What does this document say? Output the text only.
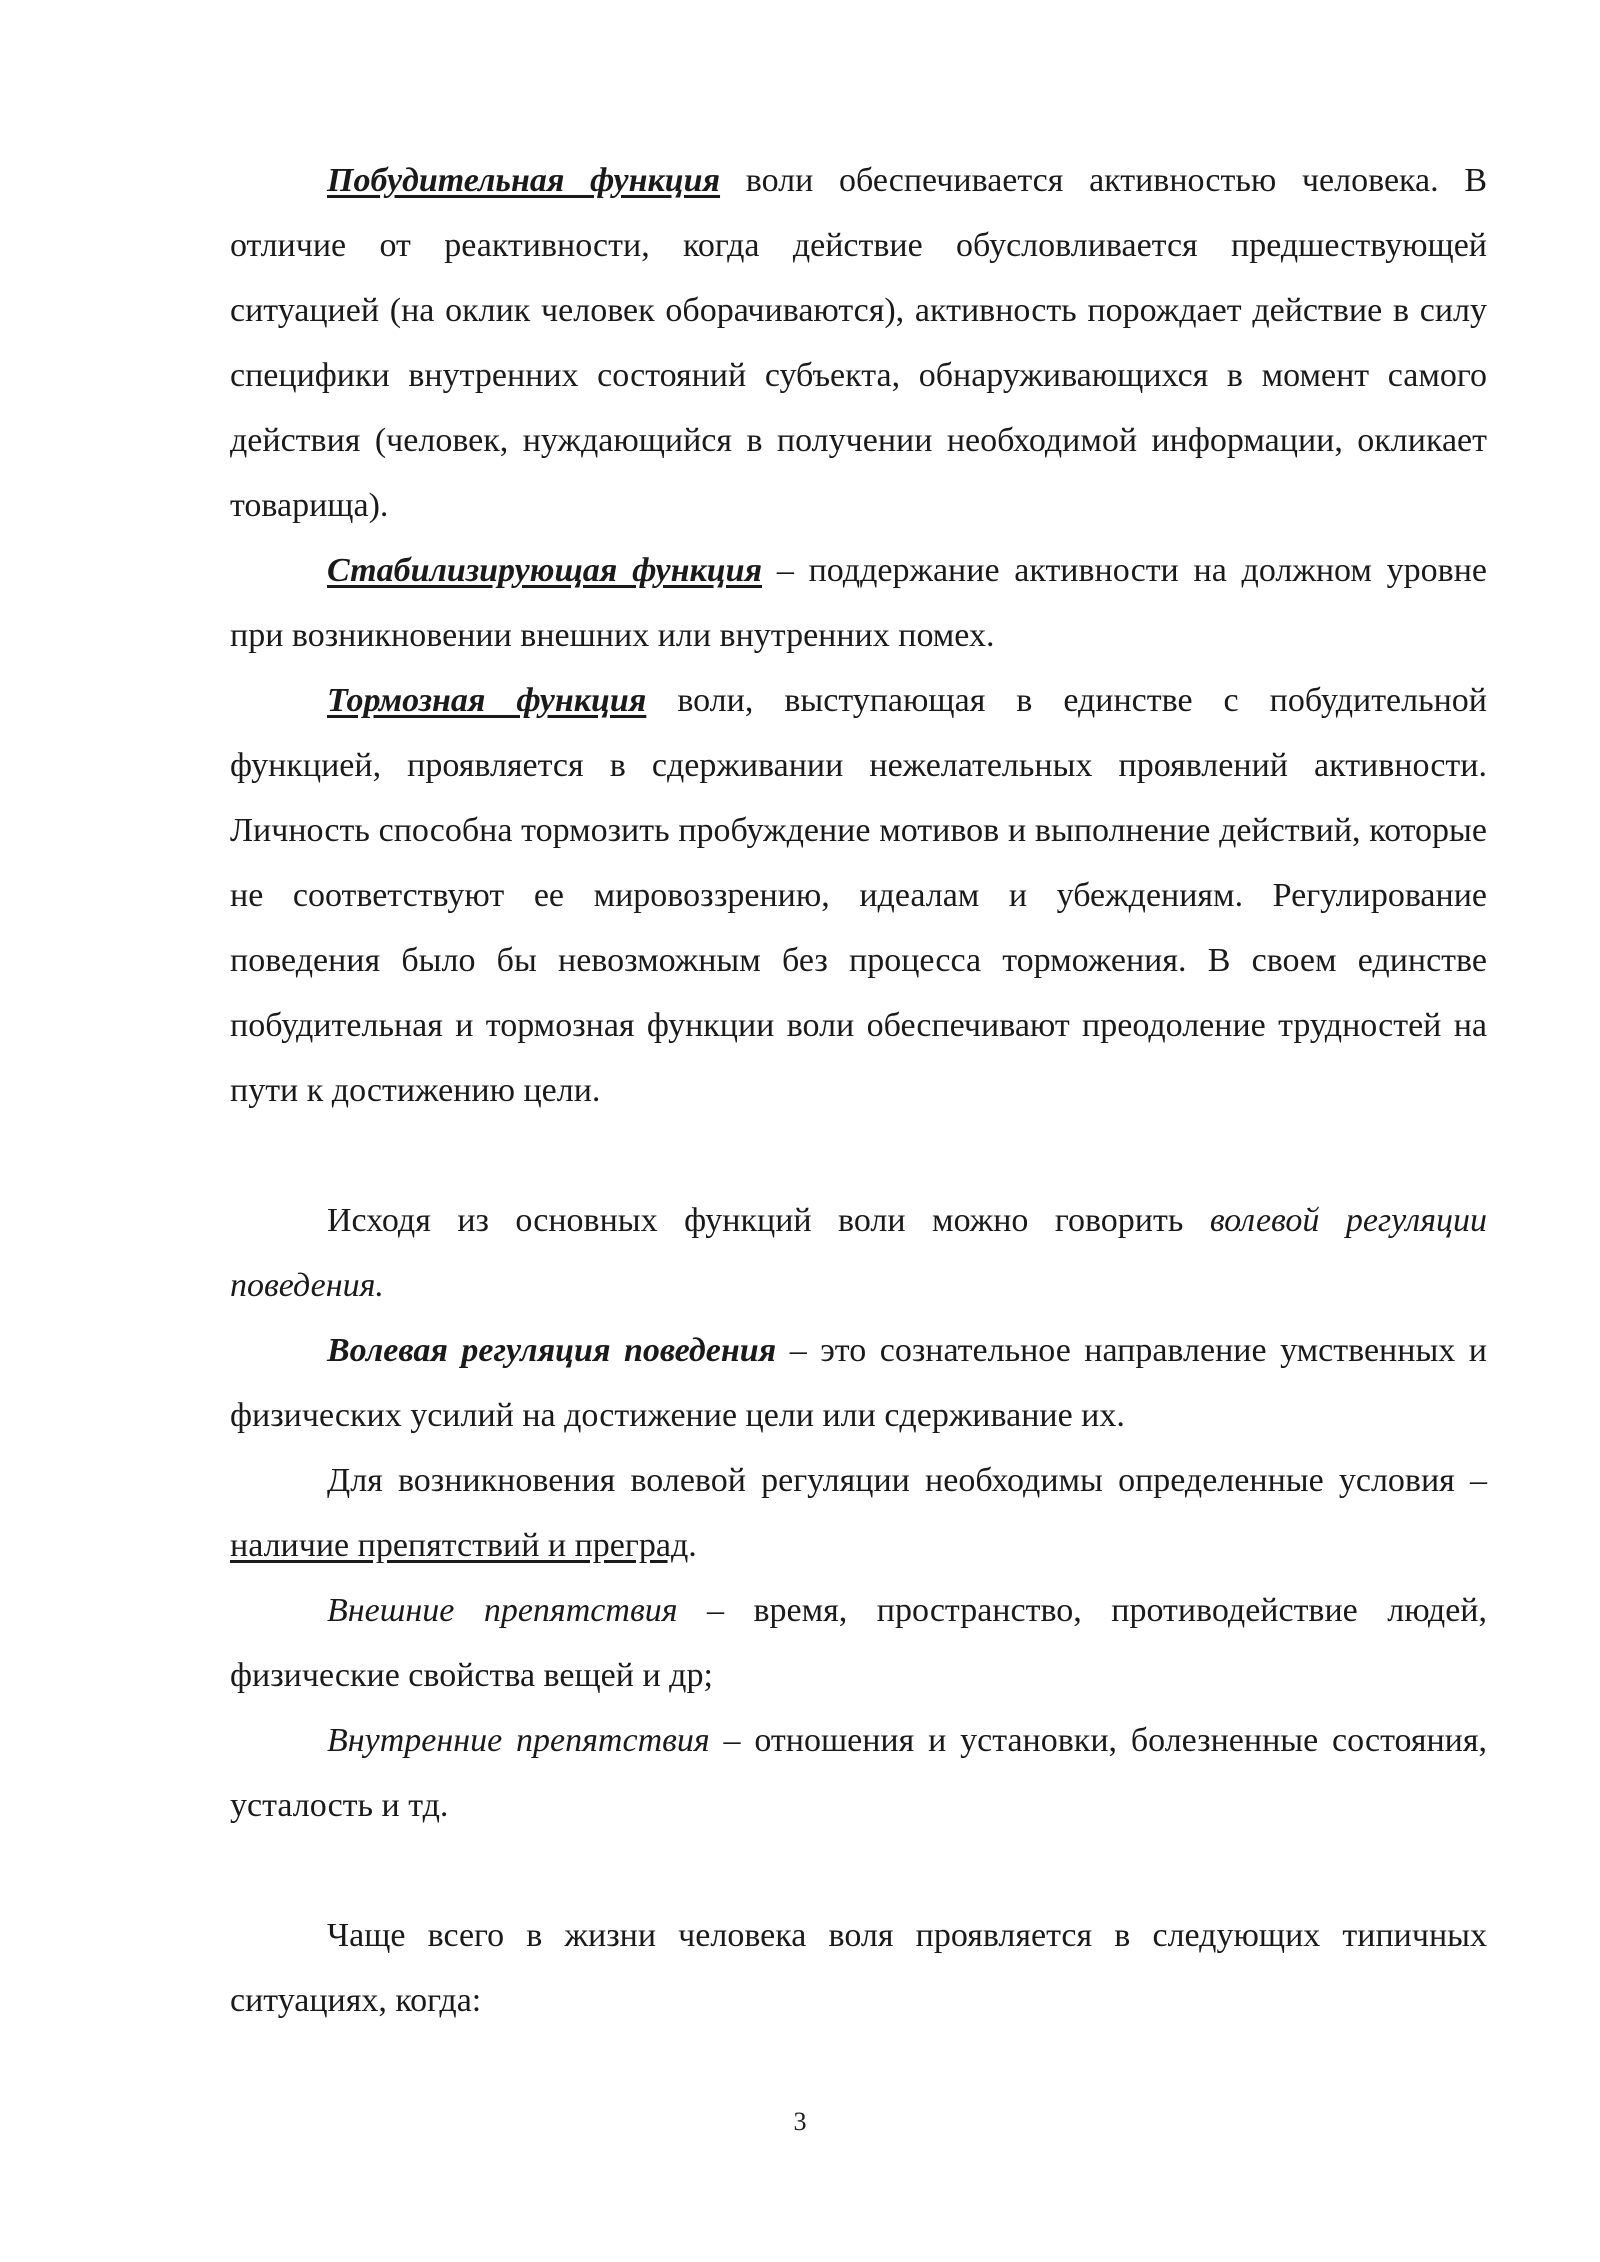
Побудительная функция воли обеспечивается активностью человека. В отличие от реактивности, когда действие обусловливается предшествующей ситуацией (на оклик человек оборачиваются), активность порождает действие в силу специфики внутренних состояний субъекта, обнаруживающихся в момент самого действия (человек, нуждающийся в получении необходимой информации, окликает товарища).

Стабилизирующая функция – поддержание активности на должном уровне при возникновении внешних или внутренних помех.

Тормозная функция воли, выступающая в единстве с побудительной функцией, проявляется в сдерживании нежелательных проявлений активности. Личность способна тормозить пробуждение мотивов и выполнение действий, которые не соответствуют ее мировоззрению, идеалам и убеждениям. Регулирование поведения было бы невозможным без процесса торможения. В своем единстве побудительная и тормозная функции воли обеспечивают преодоление трудностей на пути к достижению цели.

Исходя из основных функций воли можно говорить волевой регуляции поведения.

Волевая регуляция поведения – это сознательное направление умственных и физических усилий на достижение цели или сдерживание их.

Для возникновения волевой регуляции необходимы определенные условия – наличие препятствий и преград.

Внешние препятствия – время, пространство, противодействие людей, физические свойства вещей и др;

Внутренние препятствия – отношения и установки, болезненные состояния, усталость и тд.

Чаще всего в жизни человека воля проявляется в следующих типичных ситуациях, когда:

3
